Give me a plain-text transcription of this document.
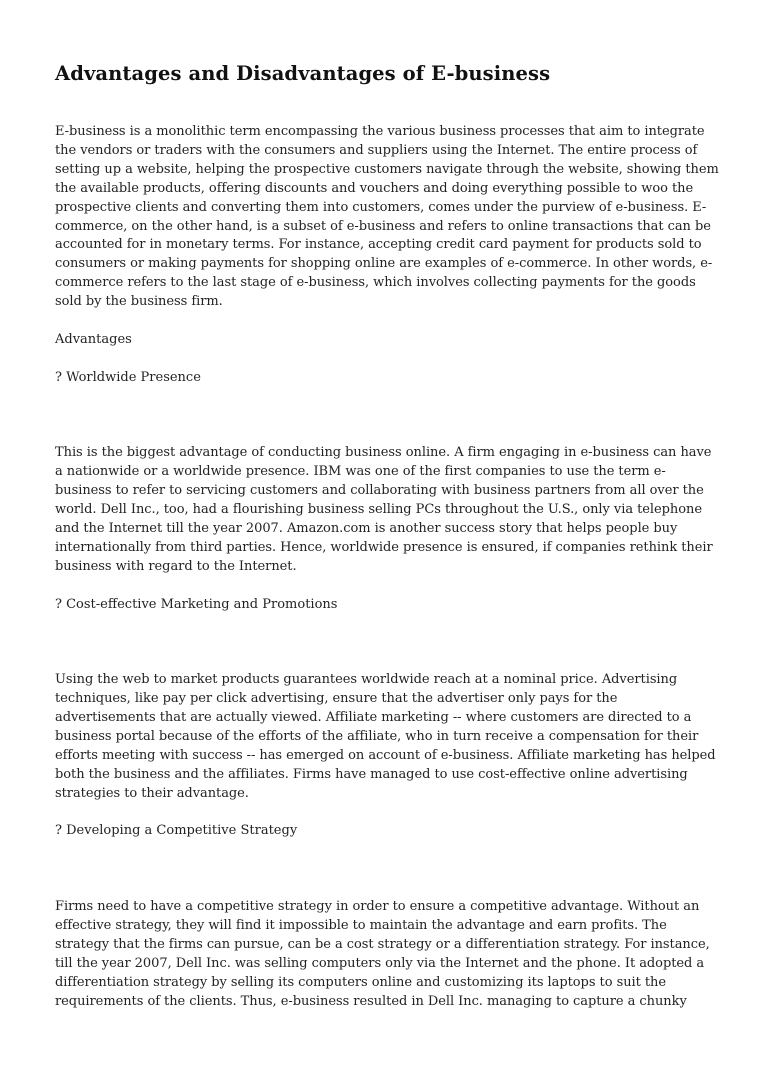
Advantages and Disadvantages of E-business

E-business is a monolithic term encompassing the various business processes that aim to integrate
the vendors or traders with the consumers and suppliers using the Internet. The entire process of
setting up a website, helping the prospective customers navigate through the website, showing them
the available products, offering discounts and vouchers and doing everything possible to woo the
prospective clients and converting them into customers, comes under the purview of e-business. E-
commerce, on the other hand, is a subset of e-business and refers to online transactions that can be
accounted for in monetary terms. For instance, accepting credit card payment for products sold to
consumers or making payments for shopping online are examples of e-commerce. In other words, e-
commerce refers to the last stage of e-business, which involves collecting payments for the goods
sold by the business firm.

Advantages

? Worldwide Presence

This is the biggest advantage of conducting business online. A firm engaging in e-business can have
a nationwide or a worldwide presence. IBM was one of the first companies to use the term e-
business to refer to servicing customers and collaborating with business partners from all over the
world. Dell Inc., too, had a flourishing business selling PCs throughout the U.S., only via telephone
and the Internet till the year 2007. Amazon.com is another success story that helps people buy
internationally from third parties. Hence, worldwide presence is ensured, if companies rethink their
business with regard to the Internet.

? Cost-effective Marketing and Promotions

Using the web to market products guarantees worldwide reach at a nominal price. Advertising
techniques, like pay per click advertising, ensure that the advertiser only pays for the
advertisements that are actually viewed. Affiliate marketing -- where customers are directed to a
business portal because of the efforts of the affiliate, who in turn receive a compensation for their
efforts meeting with success -- has emerged on account of e-business. Affiliate marketing has helped
both the business and the affiliates. Firms have managed to use cost-effective online advertising
strategies to their advantage.

? Developing a Competitive Strategy

Firms need to have a competitive strategy in order to ensure a competitive advantage. Without an
effective strategy, they will find it impossible to maintain the advantage and earn profits. The
strategy that the firms can pursue, can be a cost strategy or a differentiation strategy. For instance,
till the year 2007, Dell Inc. was selling computers only via the Internet and the phone. It adopted a
differentiation strategy by selling its computers online and customizing its laptops to suit the
requirements of the clients. Thus, e-business resulted in Dell Inc. managing to capture a chunky
